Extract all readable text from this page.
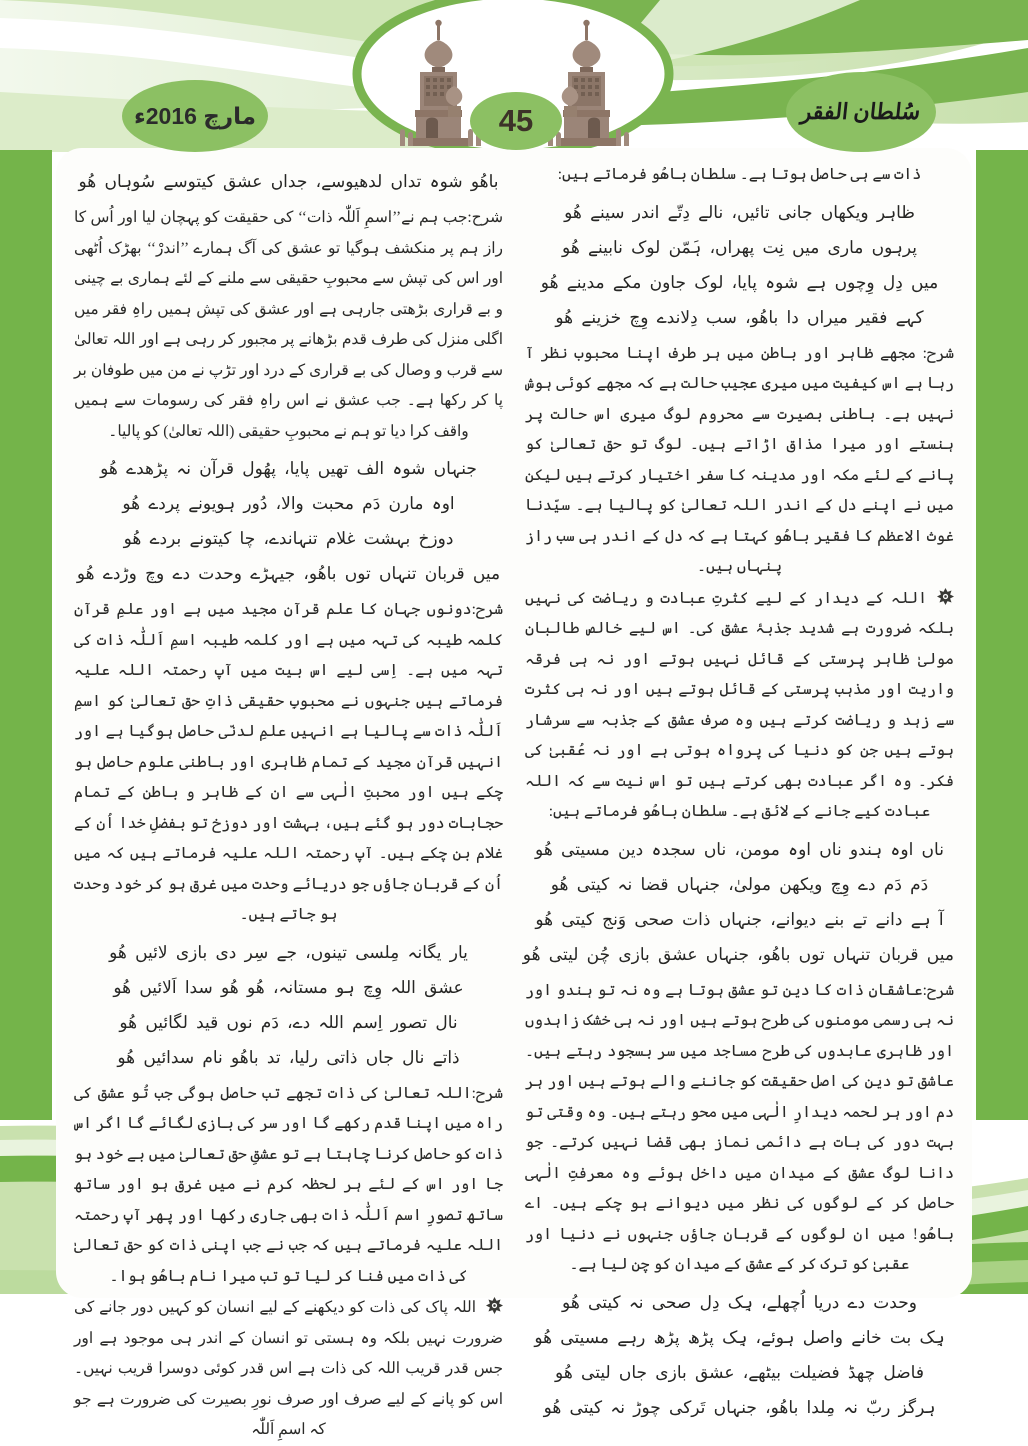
مارچ 2016ء	45	سُلطان الفقر
باھُو شوہ تداں لدھیوسے، جداں عشق کیتوسے سُوہاں ھُو

شرح:جب ہم نے’’اسمِ اَللّٰہ ذات‘‘ کی حقیقت کو پہچان لیا اور اُس کا راز ہم پر منکشف ہوگیا تو عشق کی آگ ہمارے ’’اندرْ‘‘ بھڑک اُٹھی اور اس کی تپش سے محبوبِ حقیقی سے ملنے کے لئے ہماری بے چینی و بے قراری بڑھتی جارہی ہے اور عشق کی تپش ہمیں راہِ فقر میں اگلی منزل کی طرف قدم بڑھانے پر مجبور کر رہی ہے اور اللہ تعالیٰ سے قرب و وصال کی بے قراری کے درد اور تڑپ نے من میں طوفان بر پا کر رکھا ہے۔ جب عشق نے اس راہِ فقر کی رسومات سے ہمیں واقف کرا دیا تو ہم نے محبوبِ حقیقی (اللہ تعالیٰ) کو پالیا۔

جنہاں شوہ الف تھیں پایا، پھُول قرآن نہ پڑھدے ھُو
اوہ مارن دَم محبت والا، دُور ہویونے پردے ھُو
دوزخ بہشت غلام تنہاندے، چا کیتونے بردے ھُو
میں قربان تنہاں توں باھُو، جیہڑے وحدت دے وچ وڑدے ھُو

شرح:دونوں جہان کا علم قرآنِ مجید میں ہے اور علمِ قرآن کلمہ طیبہ کی تہہ میں ہے اور کلمہ طیبہ اسمِ اَللّٰہ ذات کی تہہ میں ہے۔ اِسی لیے اس بیت میں آپ رحمتہ اللہ علیہ فرماتے ہیں جنہوں نے محبوبِ حقیقی ذاتِ حق تعالیٰ کو اسمِ اَللّٰہ ذات سے پالیا ہے انہیں علمِ لدنّی حاصل ہوگیا ہے اور انہیں قرآنِ مجید کے تمام ظاہری اور باطنی علوم حاصل ہو چکے ہیں اور محبتِ الٰہی سے ان کے ظاہر و باطن کے تمام حجابات دور ہو گئے ہیں، بہشت اور دوزخ تو بفضلِ خدا اُن کے غلام بن چکے ہیں۔ آپ رحمتہ اللہ علیہ فرماتے ہیں کہ میں اُن کے قربان جاؤں جو دریائے وحدت میں غرق ہو کر خود وحدت ہو جاتے ہیں۔

یار یگانہ مِلسی تینوں، جے سِر دی بازی لائیں ھُو
عشق اللہ وِچ ہو مستانہ، ھُو ھُو سدا اَلائیں ھُو
نال تصور اِسم اللہ دے، دَم نوں قید لگائیں ھُو
ذاتے نال جاں ذاتی رلیا، تد باھُو نام سدائیں ھُو

شرح:اللہ تعالیٰ کی ذات تجھے تب حاصل ہوگی جب تُو عشق کی راہ میں اپنا قدم رکھے گا اور سر کی بازی لگائے گا اگر اس ذات کو حاصل کرنا چاہتا ہے تو عشقِ حق تعالیٰ میں بے خود ہو جا اور اس کے لئے ہر لحظہ کرم نے میں غرق ہو اور ساتھ ساتھ تصورِ اسم اَللّٰہ ذات بھی جاری رکھا اور پھر آپ رحمتہ اللہ علیہ فرماتے ہیں کہ جب نے جب اپنی ذات کو حق تعالیٰ کی ذات میں فنا کر لیا تو تب میرا نام باھُو ہوا۔

اللہ پاک کی ذات کو دیکھنے کے لیے انسان کو کہیں دور جانے کی ضرورت نہیں بلکہ وہ ہستی تو انسان کے اندر ہی موجود ہے اور جس قدر قریب اللہ کی ذات ہے اس قدر کوئی دوسرا قریب نہیں۔ اس کو پانے کے لیے صرف اور صرف نورِ بصیرت کی ضرورت ہے جو کہ اسمِ اَللّٰہ

ذات سے ہی حاصل ہوتا ہے۔ سلطان باھُو فرماتے ہیں:

ظاہر ویکھاں جانی تائیں، نالے دِتّے اندر سینے ھُو
پرہوں ماری میں نِت پھراں، ہَمّن لوک نابینے ھُو
میں دِل وِچوں ہے شوہ پایا، لوک جاون مکے مدینے ھُو
کہے فقیر میراں دا باھُو، سب دِلاندے وِچ خزینے ھُو

شرح: مجھے ظاہر اور باطن میں ہر طرف اپنا محبوب نظر آ رہا ہے اس کیفیت میں میری عجیب حالت ہے کہ مجھے کوئی ہوش نہیں ہے۔ باطنی بصیرت سے محروم لوگ میری اس حالت پر ہنستے اور میرا مذاق اڑاتے ہیں۔ لوگ تو حق تعالیٰ کو پانے کے لئے مکہ اور مدینہ کا سفر اختیار کرتے ہیں لیکن میں نے اپنے دل کے اندر اللہ تعالیٰ کو پالیا ہے۔ سیّدنا غوث الاعظم کا فقیر باھُو کہتا ہے کہ دل کے اندر ہی سب راز پنہاں ہیں۔

اللہ کے دیدار کے لیے کثرتِ عبادت و ریاضت کی نہیں بلکہ ضرورت ہے شدید جذبۂ عشق کی۔ اس لیے خالص طالبانِ مولیٰ ظاہر پرستی کے قائل نہیں ہوتے اور نہ ہی فرقہ واریت اور مذہب پرستی کے قائل ہوتے ہیں اور نہ ہی کثرت سے زہد و ریاضت کرتے ہیں وہ صرف عشق کے جذبہ سے سرشار ہوتے ہیں جن کو دنیا کی پرواہ ہوتی ہے اور نہ عُقبیٰ کی فکر۔ وہ اگر عبادت بھی کرتے ہیں تو اس نیت سے کہ اللہ عبادت کیے جانے کے لائق ہے۔ سلطان باھُو فرماتے ہیں:

ناں اوہ ہندو ناں اوہ مومن، ناں سجدہ دین مسیتی ھُو
دَم دَم دے وِچ ویکھن مولیٰ، جنہاں قضا نہ کیتی ھُو
آ ہے دانے تے بنے دیوانے، جنہاں ذات صحی وَنج کیتی ھُو
میں قربان تنہاں توں باھُو، جنہاں عشق بازی چُن لیتی ھُو

شرح:عاشقانِ ذات کا دین تو عشق ہوتا ہے وہ نہ تو ہندو اور نہ ہی رسمی مومنوں کی طرح ہوتے ہیں اور نہ ہی خشک زاہدوں اور ظاہری عابدوں کی طرح مساجد میں سر بسجود رہتے ہیں۔ عاشق تو دین کی اصل حقیقت کو جاننے والے ہوتے ہیں اور ہر دم اور ہر لحمہ دیدارِ الٰہی میں محو رہتے ہیں۔ وہ وقتی تو بہت دور کی بات ہے دائمی نماز بھی قضا نہیں کرتے۔ جو دانا لوگ عشق کے میدان میں داخل ہوئے وہ معرفتِ الٰہی حاصل کر کے لوگوں کی نظر میں دیوانے ہو چکے ہیں۔ اے باھُو! میں ان لوگوں کے قربان جاؤں جنہوں نے دنیا اور عقبیٰ کو ترک کر کے عشق کے میدان کو چن لیا ہے۔

وحدت دے دریا اُچھلے، ہِک دِل صحی نہ کیتی ھُو
ہِک بت خانے واصل ہوئے، ہِک پڑھ پڑھ رہے مسیتی ھُو
فاضل چھڈ فضیلت بیٹھے، عشق بازی جاں لیتی ھُو
ہرگز ربّ نہ مِلدا باھُو، جنہاں تَرکی چوڑ نہ کیتی ھُو
